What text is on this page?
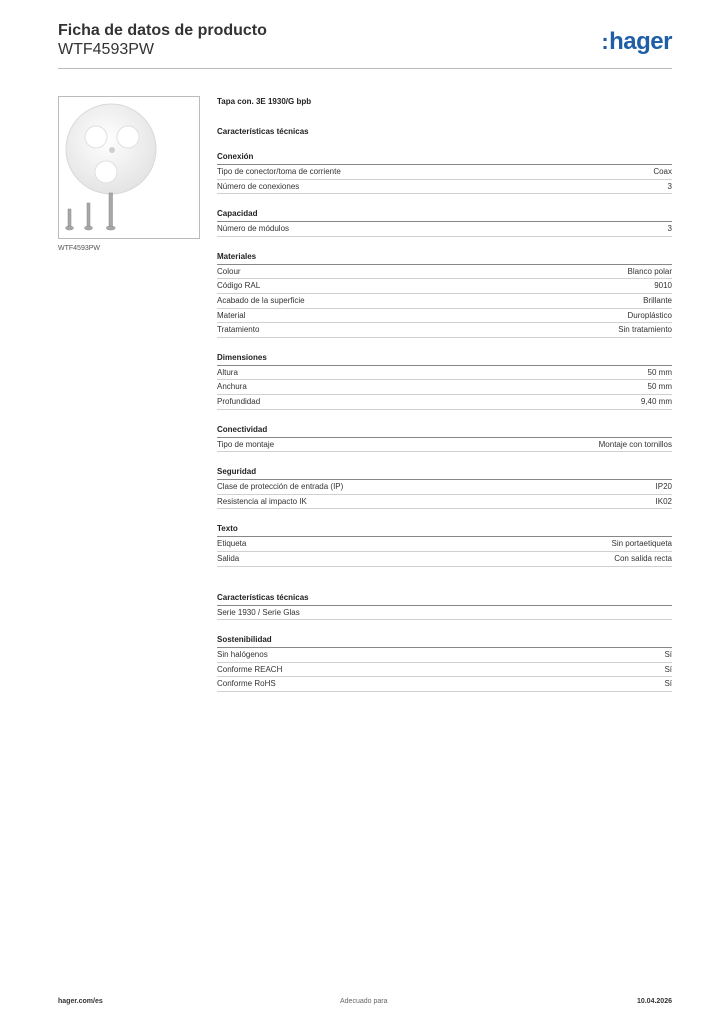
Ficha de datos de producto
WTF4593PW	:hager
WTF4593PW
Tapa con. 3E 1930/G bpb
Características técnicas
Conexión
Tipo de conector/toma de corriente	Coax
Número de conexiones	3
Capacidad
Número de módulos	3
Materiales
Colour	Blanco polar
Código RAL	9010
Acabado de la superficie	Brillante
Material	Duroplástico
Tratamiento	Sin tratamiento
Dimensiones
Altura	50 mm
Anchura	50 mm
Profundidad	9,40 mm
Conectividad
Tipo de montaje	Montaje con tornillos
Seguridad
Clase de protección de entrada (IP)	IP20
Resistencia al impacto IK	IK02
Texto
Etiqueta	Sin portaetiqueta
Salida	Con salida recta
Características técnicas
Serie 1930 / Serie Glas
Sostenibilidad
Sin halógenos	Sí
Conforme REACH	Sí
Conforme RoHS	Sí
hager.com/es	Adecuado para	10.04.2026
